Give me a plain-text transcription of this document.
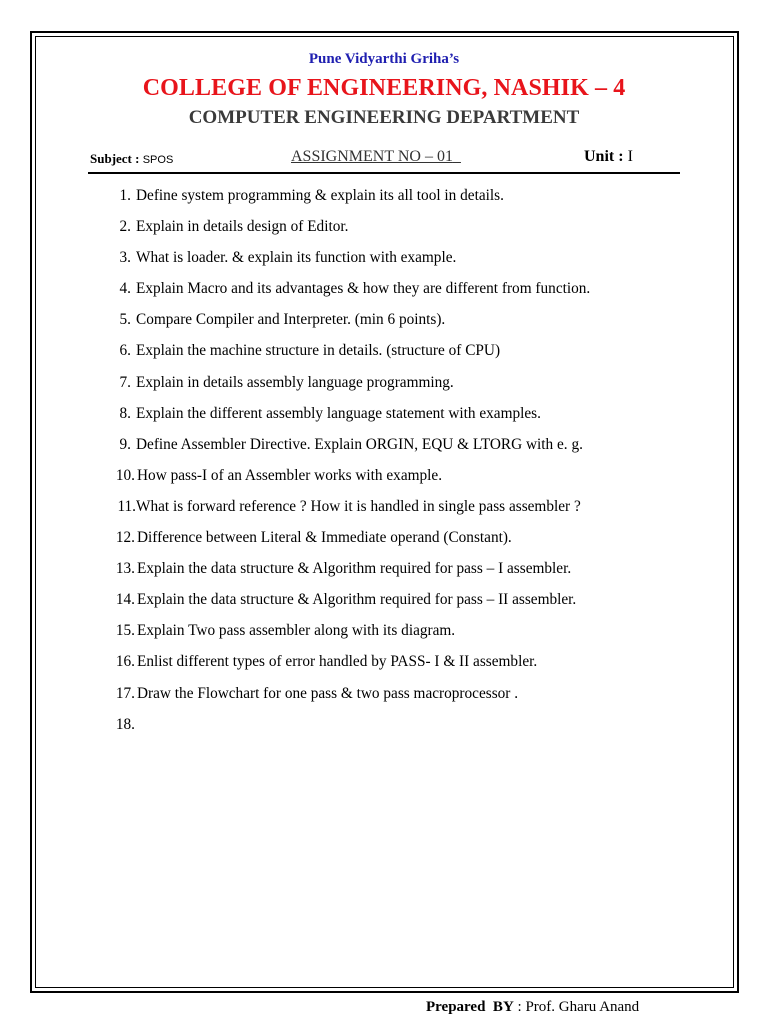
Pune Vidyarthi Griha’s
COLLEGE OF ENGINEERING, NASHIK – 4
COMPUTER ENGINEERING DEPARTMENT
Subject : SPOS	ASSIGNMENT NO – 01	Unit : I
1. Define system programming & explain its all tool in details.
2. Explain in details design of Editor.
3. What is loader. & explain its function with example.
4. Explain Macro and its advantages & how they are different from function.
5. Compare Compiler and Interpreter. (min 6 points).
6. Explain the machine structure in details. (structure of CPU)
7. Explain in details assembly language programming.
8. Explain the different assembly language statement with examples.
9. Define Assembler Directive. Explain ORGIN, EQU & LTORG with e. g.
10. How pass-I of an Assembler works with example.
11. What is forward reference ? How it is handled in single pass assembler ?
12. Difference between Literal & Immediate operand (Constant).
13. Explain the data structure & Algorithm required for pass – I assembler.
14. Explain the data structure & Algorithm required for pass – II assembler.
15. Explain Two pass assembler along with its diagram.
16. Enlist different types of error handled by PASS- I & II assembler.
17. Draw the Flowchart for one pass & two pass macroprocessor .
18.
Prepared  BY : Prof. Gharu Anand
